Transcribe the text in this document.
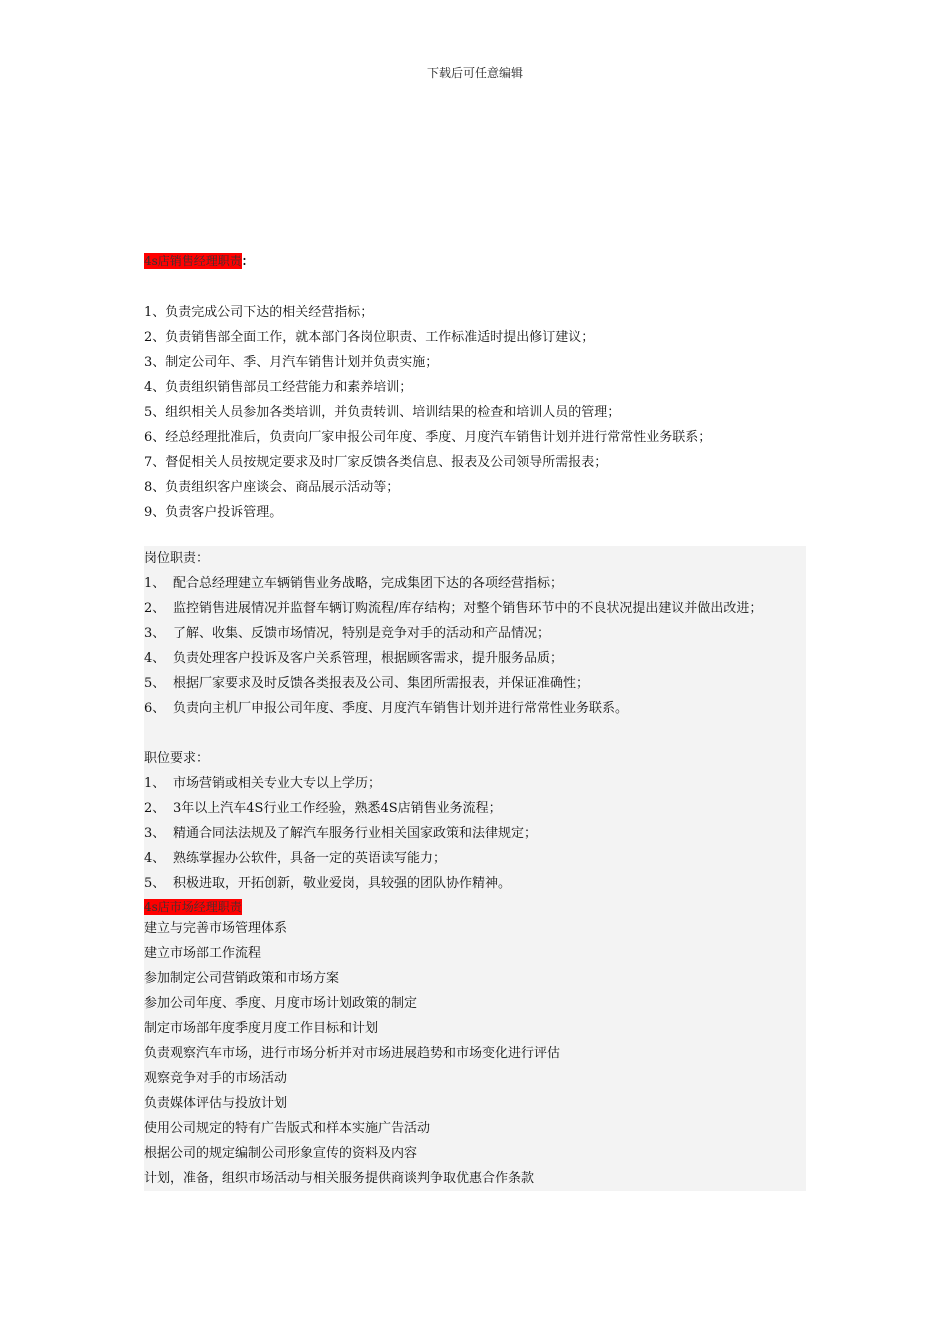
下载后可任意编辑
4s店销售经理职责:
1、负责完成公司下达的相关经营指标；
2、负责销售部全面工作，就本部门各岗位职责、工作标准适时提出修订建议；
3、制定公司年、季、月汽车销售计划并负责实施；
4、负责组织销售部员工经营能力和素养培训；
5、组织相关人员参加各类培训，并负责转训、培训结果的检查和培训人员的管理；
6、经总经理批准后，负责向厂家申报公司年度、季度、月度汽车销售计划并进行常常性业务联系；
7、督促相关人员按规定要求及时厂家反馈各类信息、报表及公司领导所需报表；
8、负责组织客户座谈会、商品展示活动等；
9、负责客户投诉管理。
岗位职责：
1、 配合总经理建立车辆销售业务战略，完成集团下达的各项经营指标；
2、 监控销售进展情况并监督车辆订购流程/库存结构；对整个销售环节中的不良状况提出建议并做出改进；
3、 了解、收集、反馈市场情况，特别是竞争对手的活动和产品情况；
4、 负责处理客户投诉及客户关系管理，根据顾客需求，提升服务品质；
5、 根据厂家要求及时反馈各类报表及公司、集团所需报表，并保证准确性；
6、 负责向主机厂申报公司年度、季度、月度汽车销售计划并进行常常性业务联系。
职位要求：
1、 市场营销或相关专业大专以上学历；
2、 3年以上汽车4S行业工作经验，熟悉4S店销售业务流程；
3、 精通合同法法规及了解汽车服务行业相关国家政策和法律规定；
4、 熟练掌握办公软件，具备一定的英语读写能力；
5、 积极进取，开拓创新，敬业爱岗，具较强的团队协作精神。
4s店市场经理职责
建立与完善市场管理体系
建立市场部工作流程
参加制定公司营销政策和市场方案
参加公司年度、季度、月度市场计划政策的制定
制定市场部年度季度月度工作目标和计划
负责观察汽车市场，进行市场分析并对市场进展趋势和市场变化进行评估
观察竞争对手的市场活动
负责媒体评估与投放计划
使用公司规定的特有广告版式和样本实施广告活动
根据公司的规定编制公司形象宣传的资料及内容
计划，准备，组织市场活动与相关服务提供商谈判争取优惠合作条款
